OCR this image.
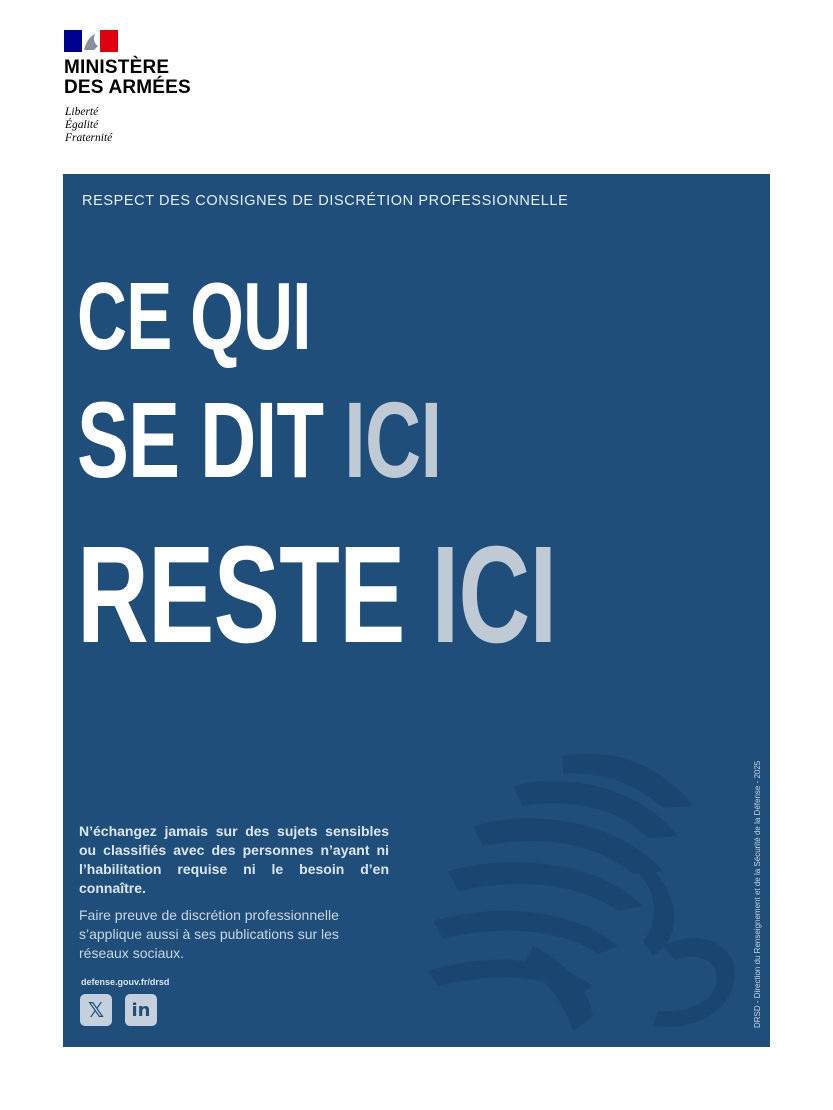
MINISTÈRE
DES ARMÉES
Liberté
Égalité
Fraternité
RESPECT DES CONSIGNES DE DISCRÉTION PROFESSIONNELLE
CE QUI
SE DIT ICI
RESTE ICI

N’échangez jamais sur des sujets sensibles ou classifiés avec des personnes n’ayant ni l’habilitation requise ni le besoin d’en connaître.

Faire preuve de discrétion professionnelle s’applique aussi à ses publications sur les réseaux sociaux.

defense.gouv.fr/drsd
𝕏	in	DRSD - Direction du Renseignement et de la Sécurité de la Défense - 2025
